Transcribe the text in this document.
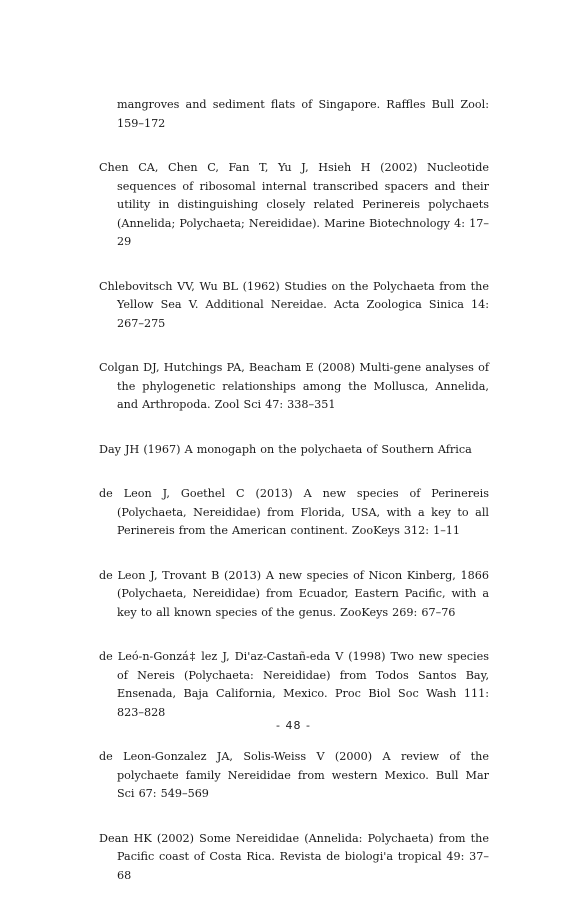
mangroves and sediment flats of Singapore. Raffles Bull Zool: 159–172

Chen CA, Chen C, Fan T, Yu J, Hsieh H (2002) Nucleotide sequences of ribosomal internal transcribed spacers and their utility in distinguishing closely related Perinereis polychaets (Annelida; Polychaeta; Nereididae). Marine Biotechnology 4: 17–29

Chlebovitsch VV, Wu BL (1962) Studies on the Polychaeta from the Yellow Sea V. Additional Nereidae. Acta Zoologica Sinica 14: 267–275

Colgan DJ, Hutchings PA, Beacham E (2008) Multi-gene analyses of the phylogenetic relationships among the Mollusca, Annelida, and Arthropoda. Zool Sci 47: 338–351

Day JH (1967) A monogaph on the polychaeta of Southern Africa

de Leon J, Goethel C (2013) A new species of Perinereis (Polychaeta, Nereididae) from Florida, USA, with a key to all Perinereis from the American continent. ZooKeys 312: 1–11

de Leon J, Trovant B (2013) A new species of Nicon Kinberg, 1866 (Polychaeta, Nereididae) from Ecuador, Eastern Pacific, with a key to all known species of the genus. ZooKeys 269: 67–76

de Leó-n-Gonzá‡ lez J, Di'az-Castañ-eda V (1998) Two new species of Nereis (Polychaeta: Nereididae) from Todos Santos Bay, Ensenada, Baja California, Mexico. Proc Biol Soc Wash 111: 823–828

de Leon-Gonzalez JA, Solis-Weiss V (2000) A review of the polychaete family Nereididae from western Mexico. Bull Mar Sci 67: 549–569

Dean HK (2002) Some Nereididae (Annelida: Polychaeta) from the Pacific coast of Costa Rica. Revista de biologi'a tropical 49: 37–68

- 48 -
